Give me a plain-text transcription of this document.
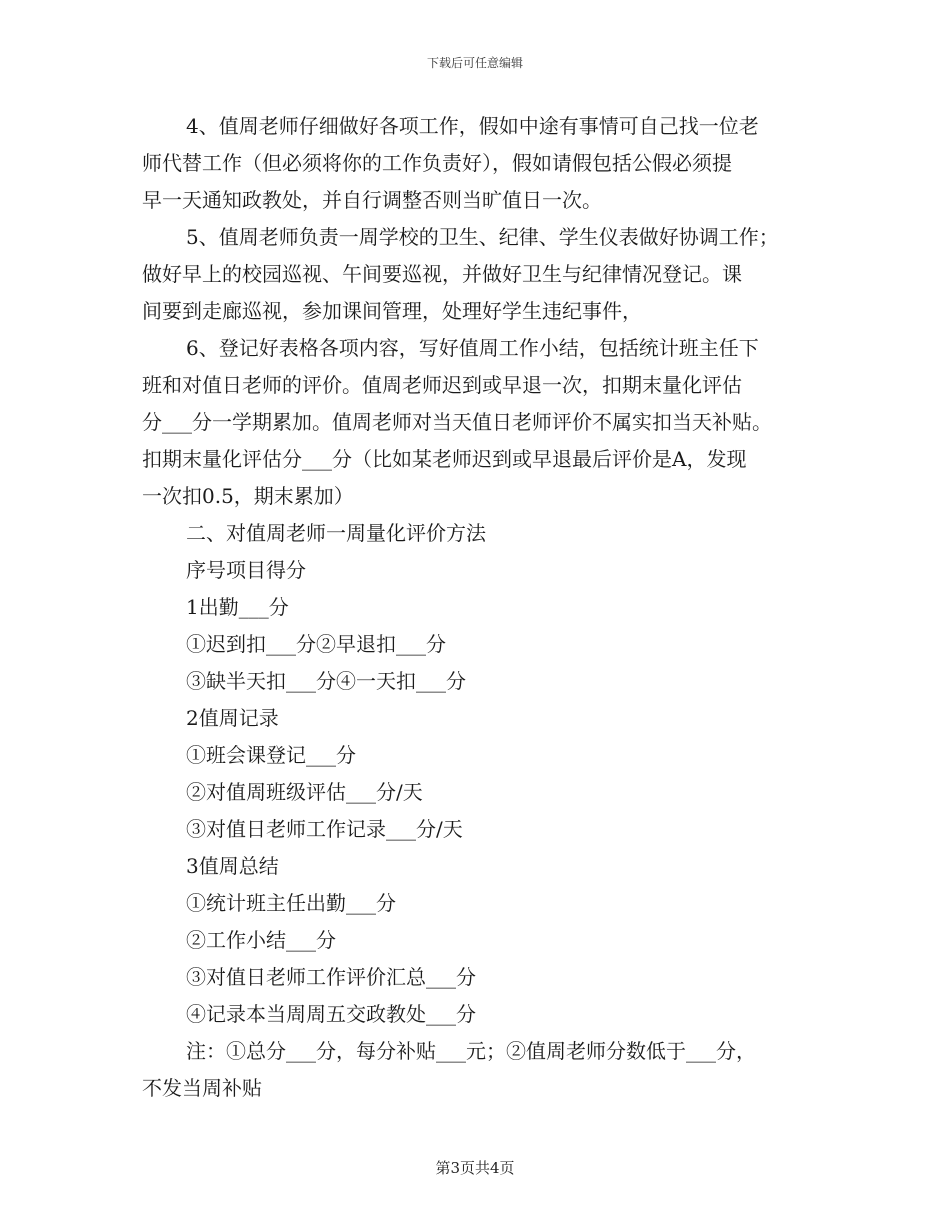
下载后可任意编辑
4、值周老师仔细做好各项工作，假如中途有事情可自己找一位老
师代替工作（但必须将你的工作负责好），假如请假包括公假必须提
早一天通知政教处，并自行调整否则当旷值日一次。
5、值周老师负责一周学校的卫生、纪律、学生仪表做好协调工作；
做好早上的校园巡视、午间要巡视，并做好卫生与纪律情况登记。课
间要到走廊巡视，参加课间管理，处理好学生违纪事件，
6、登记好表格各项内容，写好值周工作小结，包括统计班主任下
班和对值日老师的评价。值周老师迟到或早退一次，扣期末量化评估
分___分一学期累加。值周老师对当天值日老师评价不属实扣当天补贴。
扣期末量化评估分___分（比如某老师迟到或早退最后评价是A，发现
一次扣0.5，期末累加）
二、对值周老师一周量化评价方法
序号项目得分
1出勤___分
①迟到扣___分②早退扣___分
③缺半天扣___分④一天扣___分
2值周记录
①班会课登记___分
②对值周班级评估___分/天
③对值日老师工作记录___分/天
3值周总结
①统计班主任出勤___分
②工作小结___分
③对值日老师工作评价汇总___分
④记录本当周周五交政教处___分
注：①总分___分，每分补贴___元；②值周老师分数低于___分，
不发当周补贴
第3页共4页
